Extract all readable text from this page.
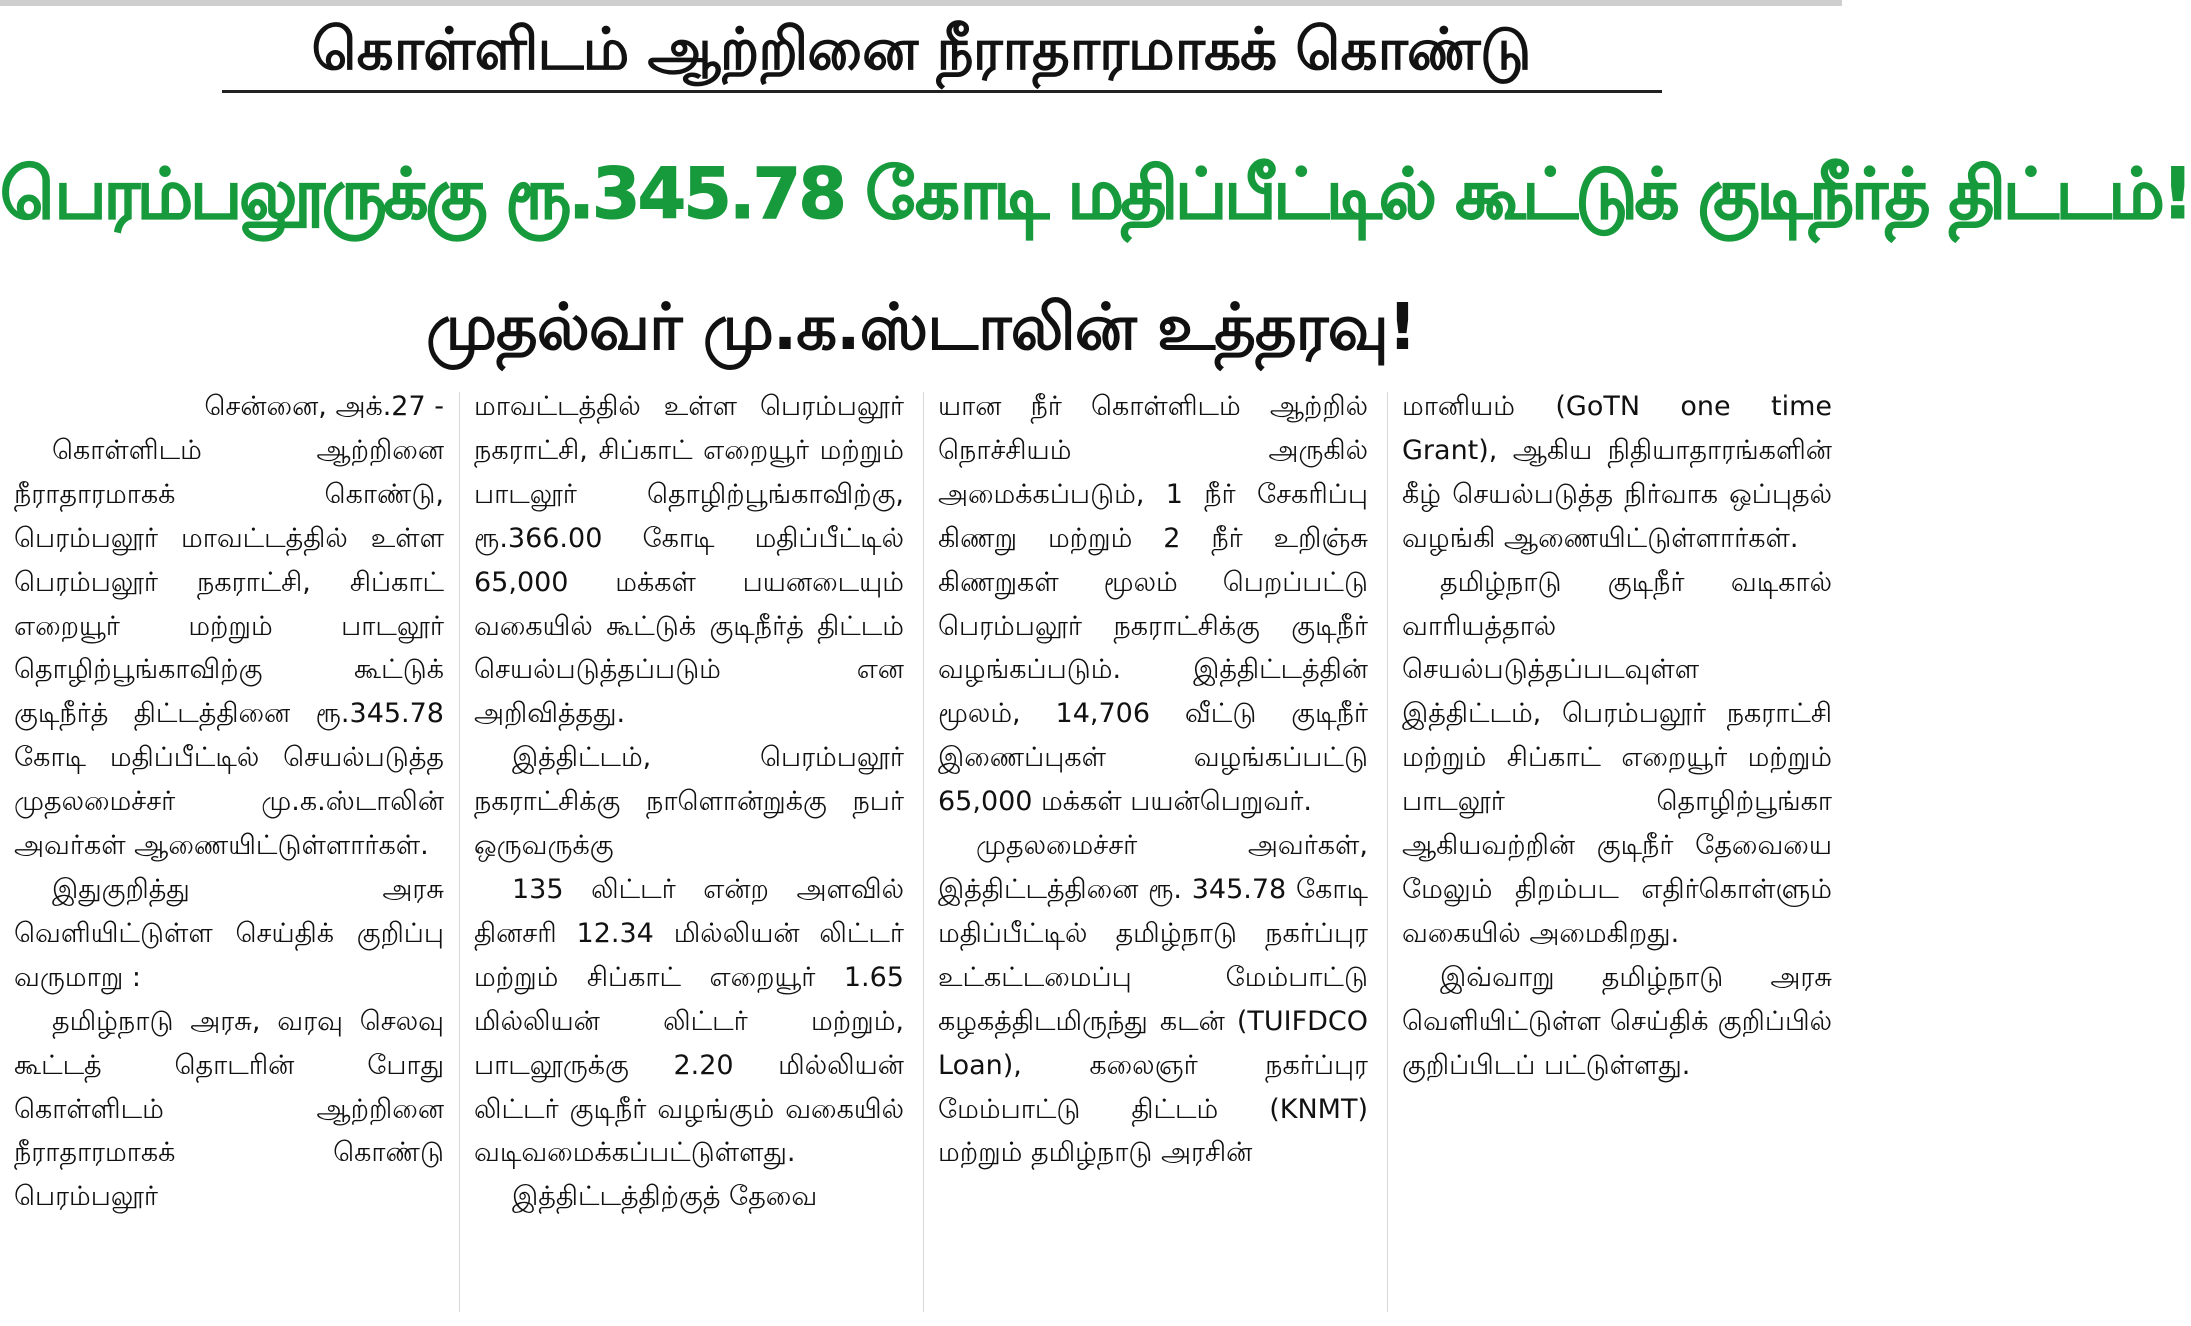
கொள்ளிடம் ஆற்றினை நீராதாரமாகக் கொண்டு
பெரம்பலூருக்கு ரூ.345.78 கோடி மதிப்பீட்டில் கூட்டுக் குடிநீர்த் திட்டம்!
முதல்வர் மு.க.ஸ்டாலின் உத்தரவு!

சென்னை, அக்.27 -

கொள்ளிடம் ஆற்றினை நீராதாரமாகக் கொண்டு, பெரம்பலூர் மாவட்டத்தில் உள்ள பெரம்பலூர் நகராட்சி, சிப்காட் எறையூர் மற்றும் பாடலூர் தொழிற்பூங்காவிற்கு கூட்டுக் குடிநீர்த் திட்டத்தினை ரூ.345.78 கோடி மதிப்பீட்டில் செயல்படுத்த முதலமைச்சர் மு.க.ஸ்டாலின் அவர்கள் ஆணையிட்டுள்ளார்கள்.

இதுகுறித்து அரசு வெளியிட்டுள்ள செய்திக் குறிப்பு வருமாறு :

தமிழ்நாடு அரசு, வரவு செலவு கூட்டத் தொடரின் போது கொள்ளிடம் ஆற்றினை நீராதாரமாகக் கொண்டு பெரம்பலூர்

மாவட்டத்தில் உள்ள பெரம்பலூர் நகராட்சி, சிப்காட் எறையூர் மற்றும் பாடலூர் தொழிற்பூங்காவிற்கு, ரூ.366.00 கோடி மதிப்பீட்டில் 65,000 மக்கள் பயனடையும் வகையில் கூட்டுக் குடிநீர்த் திட்டம் செயல்படுத்தப்படும் என அறிவித்தது.

இத்திட்டம், பெரம்பலூர் நகராட்சிக்கு நாளொன்றுக்கு நபர் ஒருவருக்கு

135 லிட்டர் என்ற அளவில் தினசரி 12.34 மில்லியன் லிட்டர் மற்றும் சிப்காட் எறையூர் 1.65 மில்லியன் லிட்டர் மற்றும், பாடலூருக்கு 2.20 மில்லியன் லிட்டர் குடிநீர் வழங்கும் வகையில் வடிவமைக்கப்பட்டுள்ளது.

இத்திட்டத்திற்குத் தேவை

யான நீர் கொள்ளிடம் ஆற்றில் நொச்சியம் அருகில் அமைக்கப்படும், 1 நீர் சேகரிப்பு கிணறு மற்றும் 2 நீர் உறிஞ்சு கிணறுகள் மூலம் பெறப்பட்டு பெரம்பலூர் நகராட்சிக்கு குடிநீர் வழங்கப்படும். இத்திட்டத்தின் மூலம், 14,706 வீட்டு குடிநீர் இணைப்புகள் வழங்கப்பட்டு 65,000 மக்கள் பயன்பெறுவர்.

முதலமைச்சர் அவர்கள், இத்திட்டத்தினை ரூ. 345.78 கோடி மதிப்பீட்டில் தமிழ்நாடு நகர்ப்புர உட்கட்டமைப்பு மேம்பாட்டு கழகத்திடமிருந்து கடன் (TUIFDCO Loan), கலைஞர் நகர்ப்புர மேம்பாட்டு திட்டம் (KNMT) மற்றும் தமிழ்நாடு அரசின்

மானியம் (GoTN one time Grant), ஆகிய நிதியாதாரங்களின் கீழ் செயல்படுத்த நிர்வாக ஒப்புதல் வழங்கி ஆணையிட்டுள்ளார்கள்.

தமிழ்நாடு குடிநீர் வடிகால் வாரியத்தால் செயல்படுத்தப்படவுள்ள இத்திட்டம், பெரம்பலூர் நகராட்சி மற்றும் சிப்காட் எறையூர் மற்றும் பாடலூர் தொழிற்பூங்கா ஆகியவற்றின் குடிநீர் தேவையை மேலும் திறம்பட எதிர்கொள்ளும் வகையில் அமைகிறது.

இவ்வாறு தமிழ்நாடு அரசு வெளியிட்டுள்ள செய்திக் குறிப்பில் குறிப்பிடப் பட்டுள்ளது.
